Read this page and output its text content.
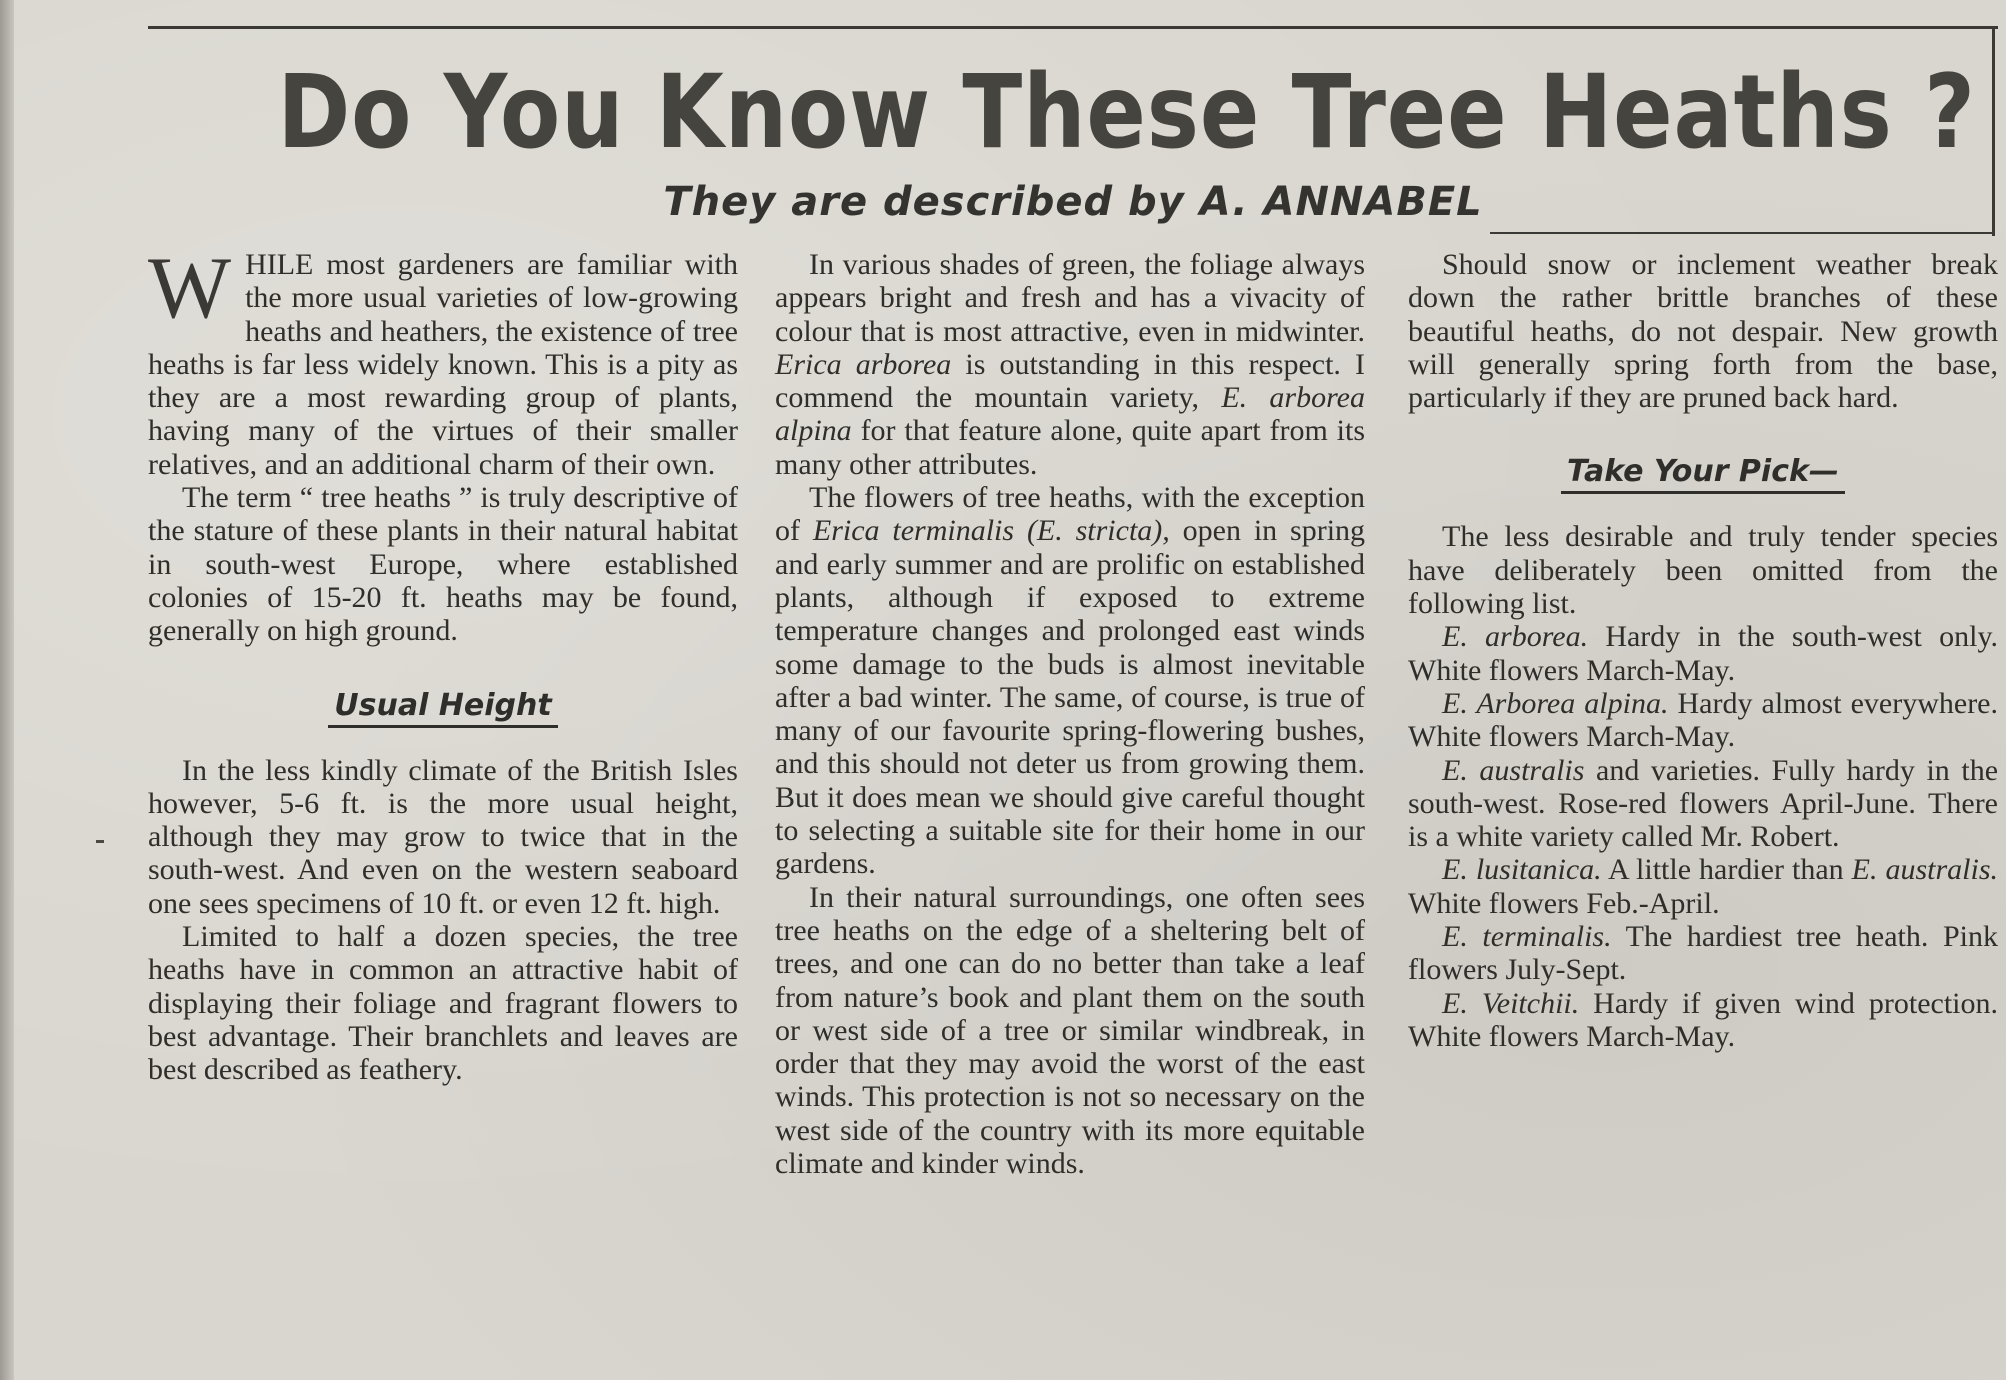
Do You Know These Tree Heaths ?
They are described by A. ANNABEL

WHILE most gardeners are familiar with the more usual varieties of low-growing heaths and heathers, the existence of tree heaths is far less widely known. This is a pity as they are a most rewarding group of plants, having many of the virtues of their smaller relatives, and an additional charm of their own.

The term “ tree heaths ” is truly descriptive of the stature of these plants in their natural habitat in south-west Europe, where established colonies of 15-20 ft. heaths may be found, generally on high ground.

Usual Height

In the less kindly climate of the British Isles however, 5-6 ft. is the more usual height, although they may grow to twice that in the south-west. And even on the western seaboard one sees specimens of 10 ft. or even 12 ft. high.

Limited to half a dozen species, the tree heaths have in common an attractive habit of displaying their foliage and fragrant flowers to best advantage. Their branchlets and leaves are best described as feathery.

In various shades of green, the foliage always appears bright and fresh and has a vivacity of colour that is most attractive, even in midwinter. Erica arborea is outstanding in this respect. I commend the mountain variety, E. arborea alpina for that feature alone, quite apart from its many other attributes.

The flowers of tree heaths, with the exception of Erica terminalis (E. stricta), open in spring and early summer and are prolific on established plants, although if exposed to extreme temperature changes and prolonged east winds some damage to the buds is almost inevitable after a bad winter. The same, of course, is true of many of our favourite spring-flowering bushes, and this should not deter us from growing them. But it does mean we should give careful thought to selecting a suitable site for their home in our gardens.

In their natural surroundings, one often sees tree heaths on the edge of a sheltering belt of trees, and one can do no better than take a leaf from nature’s book and plant them on the south or west side of a tree or similar windbreak, in order that they may avoid the worst of the east winds. This protection is not so necessary on the west side of the country with its more equitable climate and kinder winds.

Should snow or inclement weather break down the rather brittle branches of these beautiful heaths, do not despair. New growth will generally spring forth from the base, particularly if they are pruned back hard.

Take Your Pick—

The less desirable and truly tender species have deliberately been omitted from the following list.

E. arborea. Hardy in the south-west only. White flowers March-May.

E. Arborea alpina. Hardy almost everywhere. White flowers March-May.

E. australis and varieties. Fully hardy in the south-west. Rose-red flowers April-June. There is a white variety called Mr. Robert.

E. lusitanica. A little hardier than E. australis. White flowers Feb.-April.

E. terminalis. The hardiest tree heath. Pink flowers July-Sept.

E. Veitchii. Hardy if given wind protection. White flowers March-May.
